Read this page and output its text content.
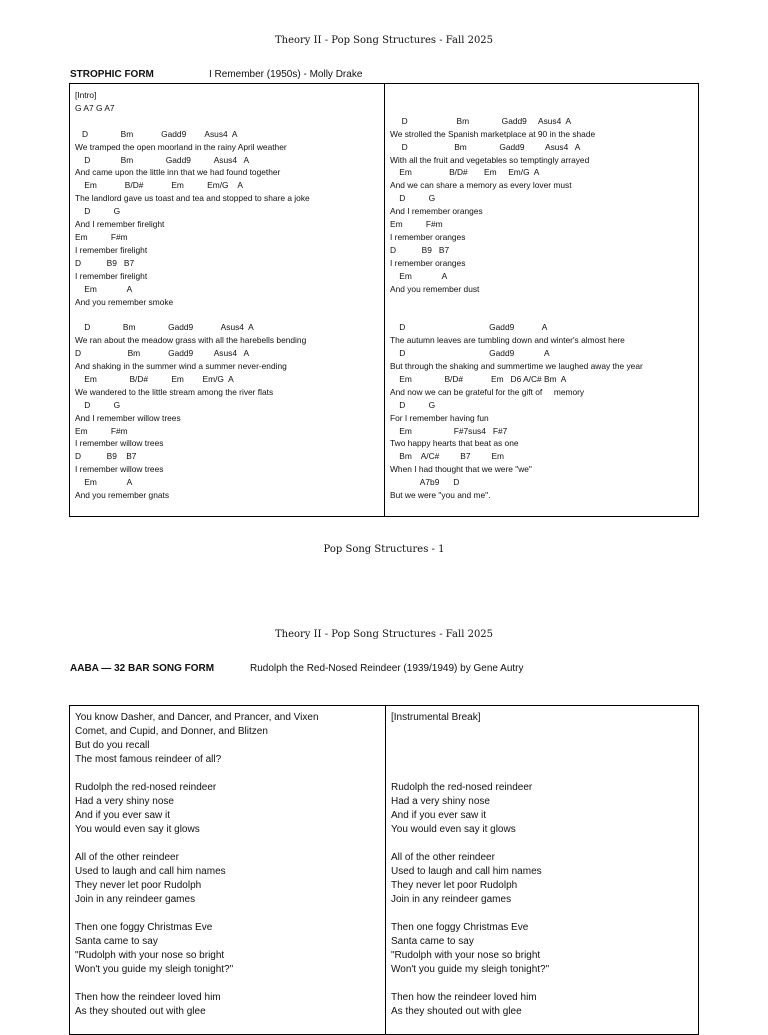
Theory II - Pop Song Structures - Fall 2025
STROPHIC FORM	I Remember (1950s) - Molly Drake
[Intro]
G A7 G A7

D              Bm            Gadd9        Asus4  A
We tramped the open moorland in the rainy April weather
D             Bm              Gadd9          Asus4   A
And came upon the little inn that we had found together
Em            B/D#            Em          Em/G    A
The landlord gave us toast and tea and stopped to share a joke
D          G
And I remember firelight
Em          F#m
I remember firelight
D           B9   B7
I remember firelight
Em             A
And you remember smoke

D              Bm              Gadd9            Asus4  A
We ran about the meadow grass with all the harebells bending
D                    Bm            Gadd9         Asus4   A
And shaking in the summer wind a summer never-ending
Em              B/D#          Em        Em/G  A
We wandered to the little stream among the river flats
D          G
And I remember willow trees
Em          F#m
I remember willow trees
D           B9    B7
I remember willow trees
Em             A
And you remember gnats

D                     Bm              Gadd9     Asus4  A
We strolled the Spanish marketplace at 90 in the shade
D                    Bm              Gadd9         Asus4   A
With all the fruit and vegetables so temptingly arrayed
Em                B/D#       Em     Em/G  A
And we can share a memory as every lover must
D          G
And I remember oranges
Em          F#m
I remember oranges
D           B9   B7
I remember oranges
Em             A
And you remember dust

D                                    Gadd9            A
The autumn leaves are tumbling down and winter's almost here
D                                    Gadd9             A
But through the shaking and summertime we laughed away the year
Em              B/D#            Em   D6 A/C# Bm  A
And now we can be grateful for the gift of     memory
D          G
For I remember having fun
Em                  F#7sus4   F#7
Two happy hearts that beat as one
Bm    A/C#         B7         Em
When I had thought that we were "we"
A7b9      D
But we were "you and me".
Pop Song Structures - 1
Theory II - Pop Song Structures - Fall 2025
AABA — 32 BAR SONG FORM	Rudolph the Red-Nosed Reindeer (1939/1949) by Gene Autry
You know Dasher, and Dancer, and Prancer, and Vixen
Comet, and Cupid, and Donner, and Blitzen
But do you recall
The most famous reindeer of all?

Rudolph the red-nosed reindeer
Had a very shiny nose
And if you ever saw it
You would even say it glows

All of the other reindeer
Used to laugh and call him names
They never let poor Rudolph
Join in any reindeer games

Then one foggy Christmas Eve
Santa came to say
"Rudolph with your nose so bright
Won't you guide my sleigh tonight?"

Then how the reindeer loved him
As they shouted out with glee
[Instrumental Break]

Rudolph the red-nosed reindeer
Had a very shiny nose
And if you ever saw it
You would even say it glows

All of the other reindeer
Used to laugh and call him names
They never let poor Rudolph
Join in any reindeer games

Then one foggy Christmas Eve
Santa came to say
"Rudolph with your nose so bright
Won't you guide my sleigh tonight?"

Then how the reindeer loved him
As they shouted out with glee
